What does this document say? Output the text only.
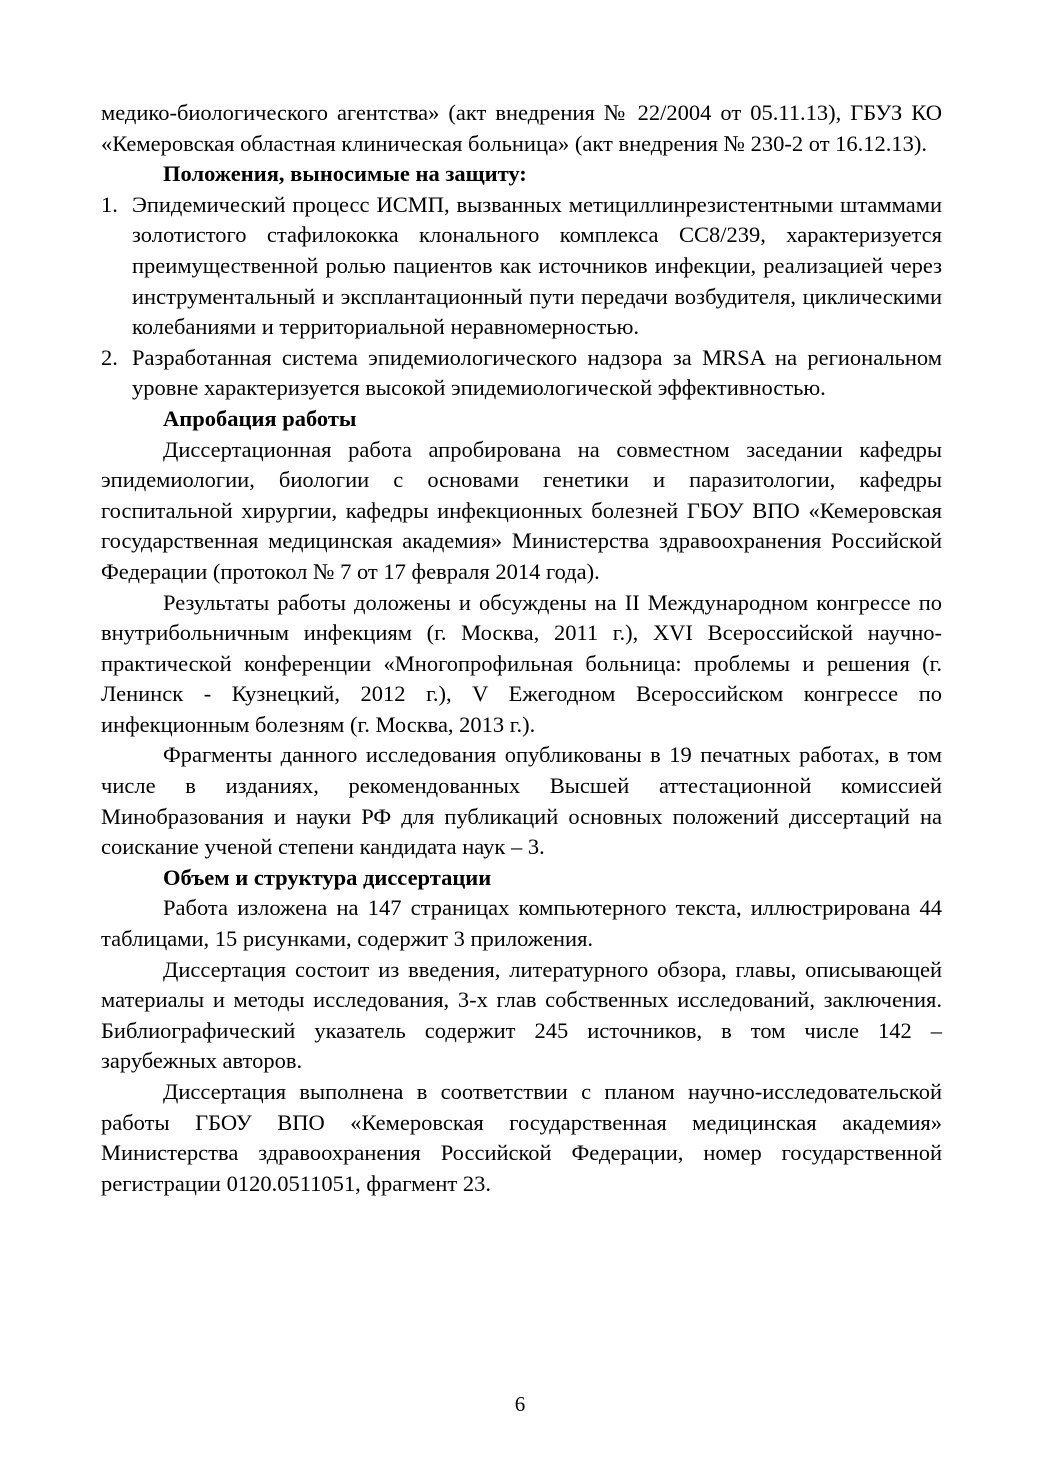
медико-биологического агентства» (акт внедрения № 22/2004 от 05.11.13), ГБУЗ КО «Кемеровская областная клиническая больница» (акт внедрения № 230-2 от 16.12.13).

Положения, выносимые на защиту:

1. Эпидемический процесс ИСМП, вызванных метициллинрезистентными штаммами золотистого стафилококка клонального комплекса СС8/239, характеризуется преимущественной ролью пациентов как источников инфекции, реализацией через инструментальный и эксплантационный пути передачи возбудителя, циклическими колебаниями и территориальной неравномерностью.
2. Разработанная система эпидемиологического надзора за MRSA на региональном уровне характеризуется высокой эпидемиологической эффективностью.

Апробация работы

Диссертационная работа апробирована на совместном заседании кафедры эпидемиологии, биологии с основами генетики и паразитологии, кафедры госпитальной хирургии, кафедры инфекционных болезней ГБОУ ВПО «Кемеровская государственная медицинская академия» Министерства здравоохранения Российской Федерации (протокол № 7 от 17 февраля 2014 года).

Результаты работы доложены и обсуждены на II Международном конгрессе по внутрибольничным инфекциям (г. Москва, 2011 г.), XVI Всероссийской научно-практической конференции «Многопрофильная больница: проблемы и решения (г. Ленинск - Кузнецкий, 2012 г.), V Ежегодном Всероссийском конгрессе по инфекционным болезням (г. Москва, 2013 г.).

Фрагменты данного исследования опубликованы в 19 печатных работах, в том числе в изданиях, рекомендованных Высшей аттестационной комиссией Минобразования и науки РФ для публикаций основных положений диссертаций на соискание ученой степени кандидата наук – 3.

Объем и структура диссертации

Работа изложена на 147 страницах компьютерного текста, иллюстрирована 44 таблицами, 15 рисунками, содержит 3 приложения.

Диссертация состоит из введения, литературного обзора, главы, описывающей материалы и методы исследования, 3-х глав собственных исследований, заключения. Библиографический указатель содержит 245 источников, в том числе 142 – зарубежных авторов.

Диссертация выполнена в соответствии с планом научно-исследовательской работы ГБОУ ВПО «Кемеровская государственная медицинская академия» Министерства здравоохранения Российской Федерации, номер государственной регистрации 0120.0511051, фрагмент 23.

6
